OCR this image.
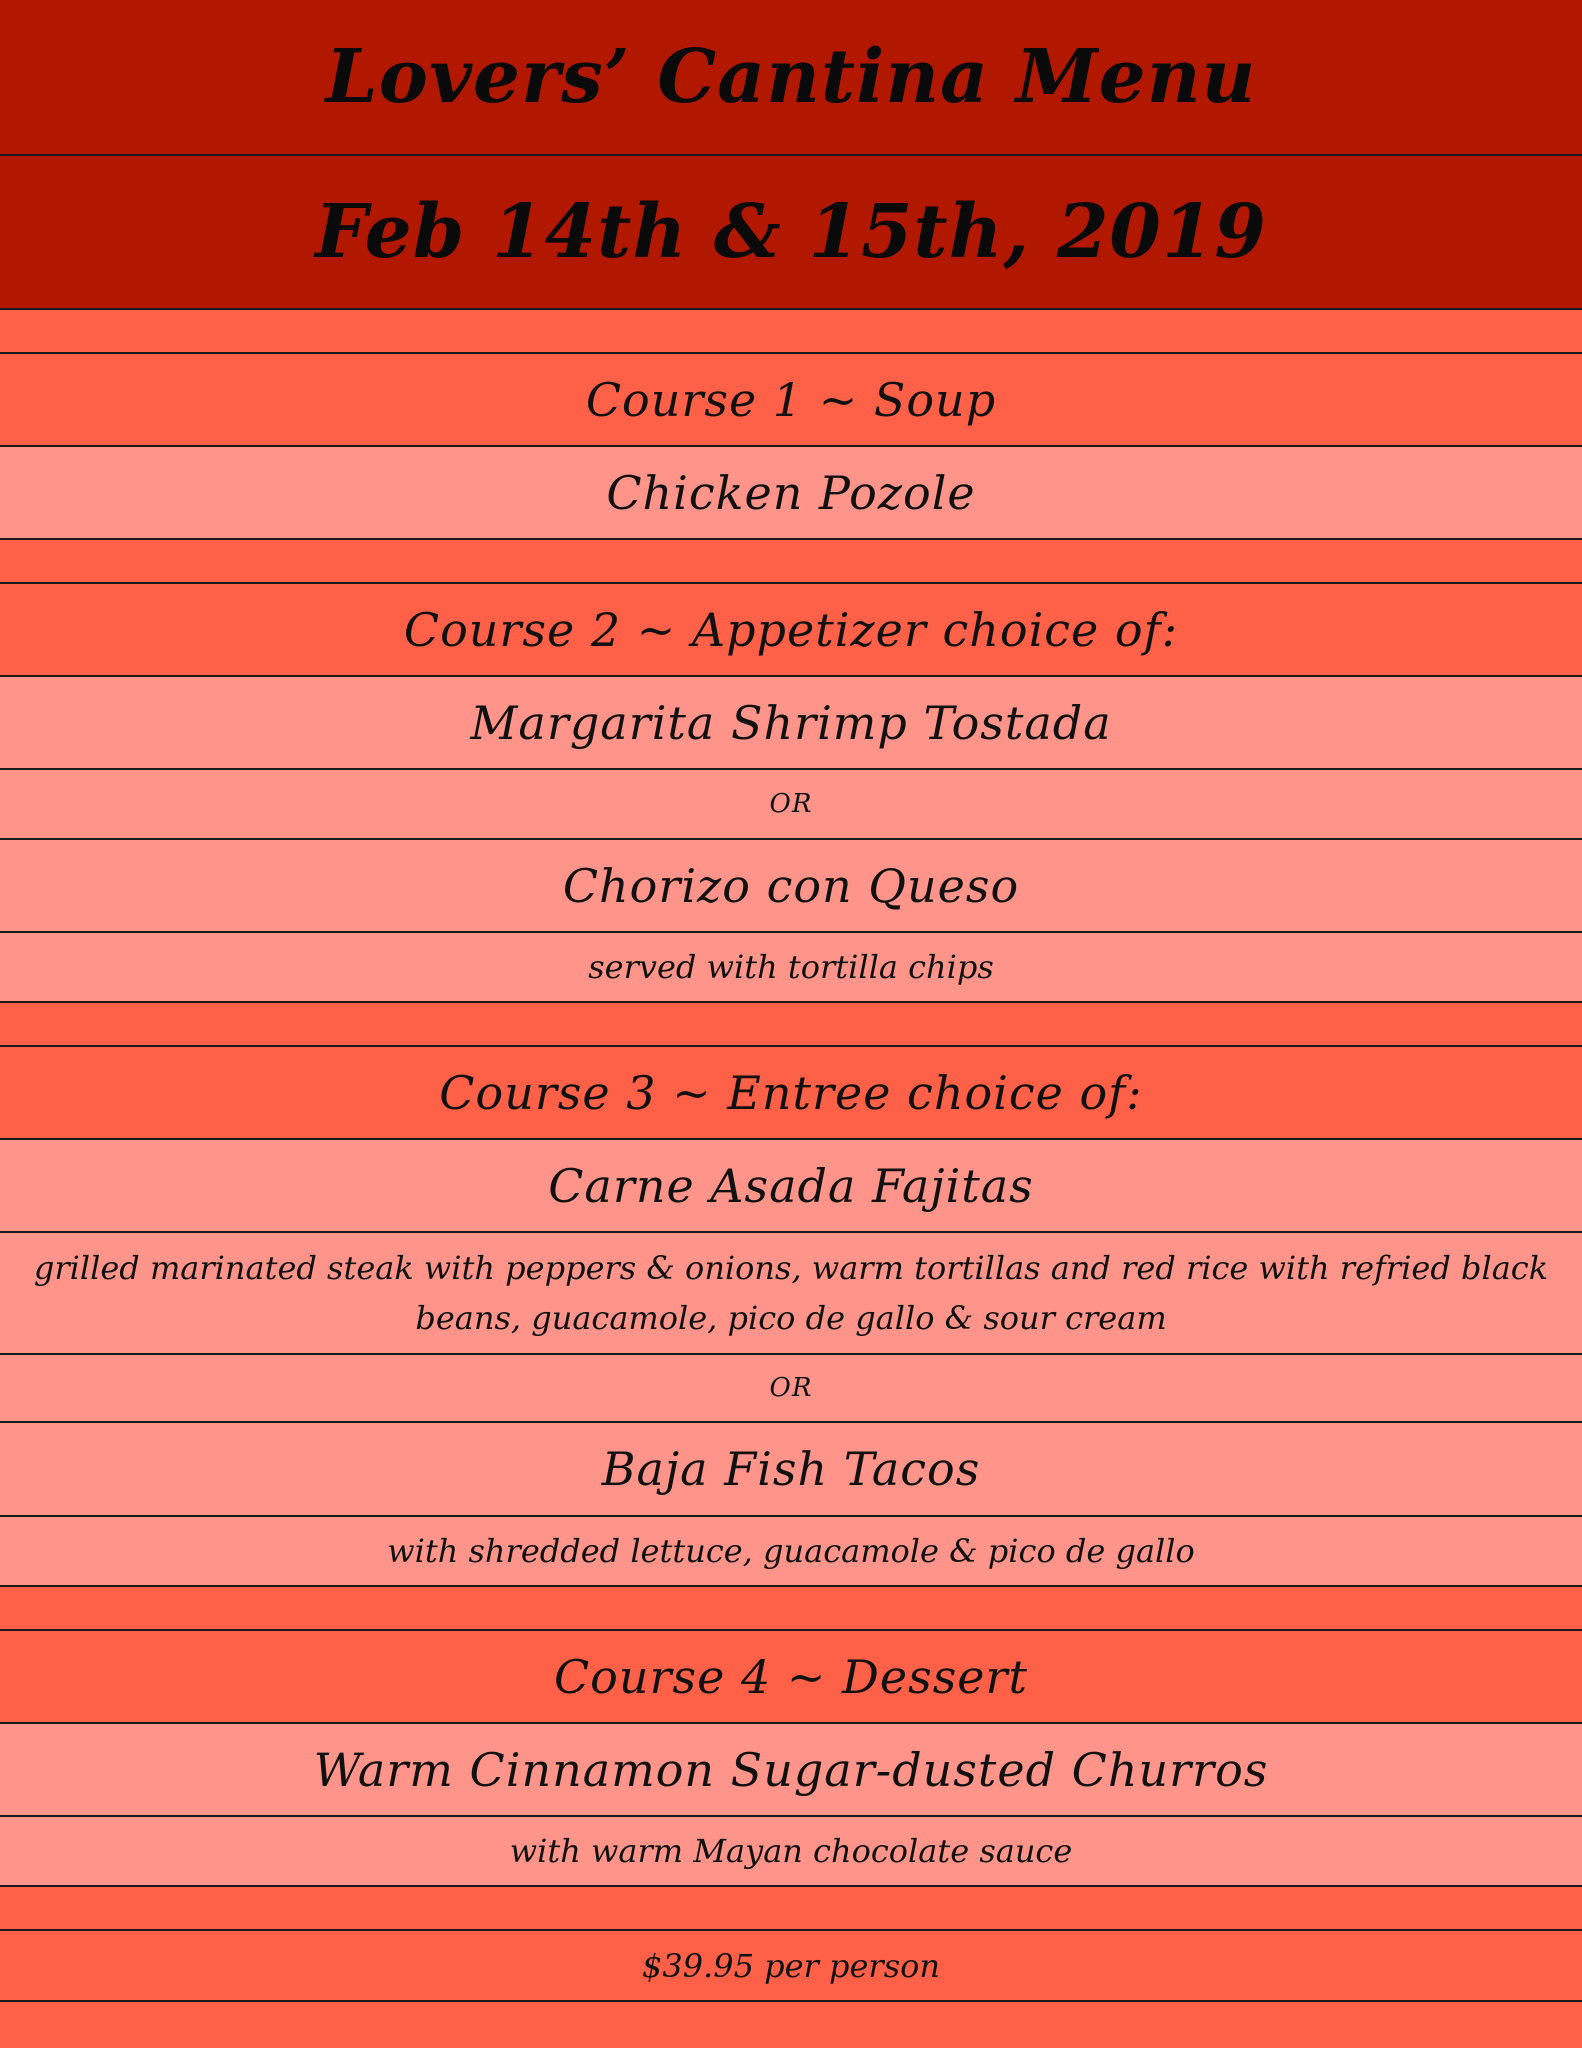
Lovers’ Cantina Menu
Feb 14th & 15th, 2019
Course 1 ~ Soup
Chicken Pozole
Course 2 ~ Appetizer choice of:
Margarita Shrimp Tostada
OR
Chorizo con Queso
served with tortilla chips
Course 3 ~ Entree choice of:
Carne Asada Fajitas
grilled marinated steak with peppers & onions, warm tortillas and red rice with refried black beans, guacamole, pico de gallo & sour cream
OR
Baja Fish Tacos
with shredded lettuce, guacamole & pico de gallo
Course 4 ~ Dessert
Warm Cinnamon Sugar-dusted Churros
with warm Mayan chocolate sauce
$39.95 per person
